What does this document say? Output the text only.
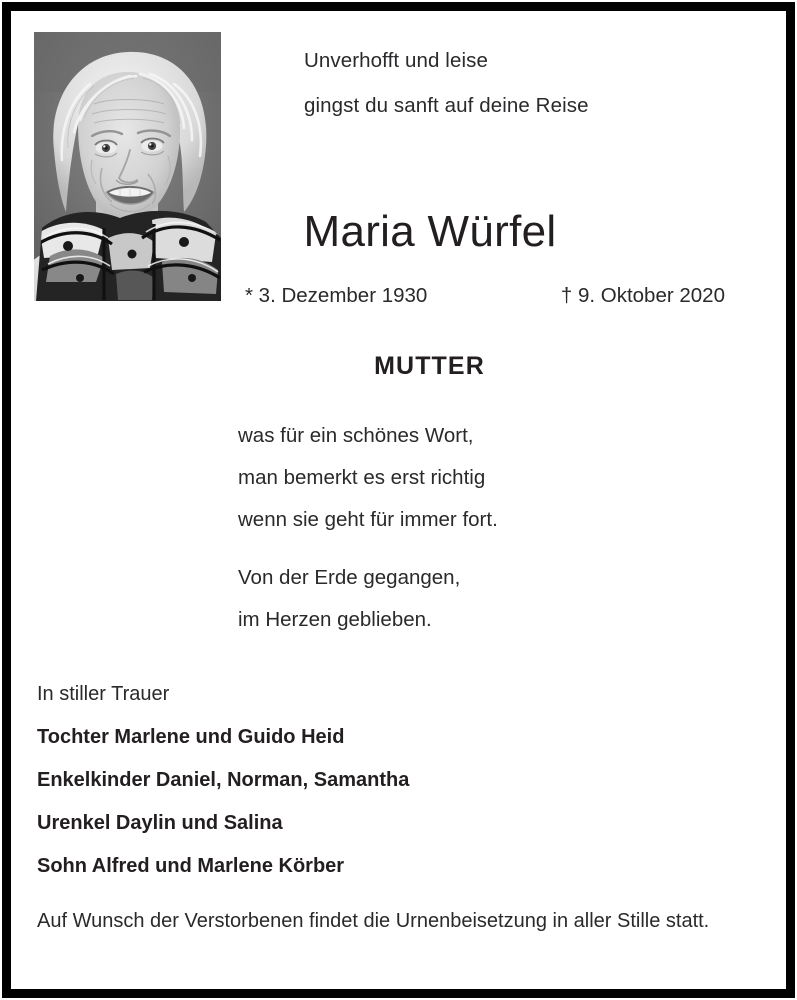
Unverhofft und leise
gingst du sanft auf deine Reise
Maria Würfel
* 3. Dezember 1930	† 9. Oktober 2020
MUTTER
was für ein schönes Wort,
man bemerkt es erst richtig
wenn sie geht für immer fort.
Von der Erde gegangen,
im Herzen geblieben.
In stiller Trauer
Tochter Marlene und Guido Heid
Enkelkinder Daniel, Norman, Samantha
Urenkel Daylin und Salina
Sohn Alfred und Marlene Körber
Auf Wunsch der Verstorbenen findet die Urnenbeisetzung in aller Stille statt.
